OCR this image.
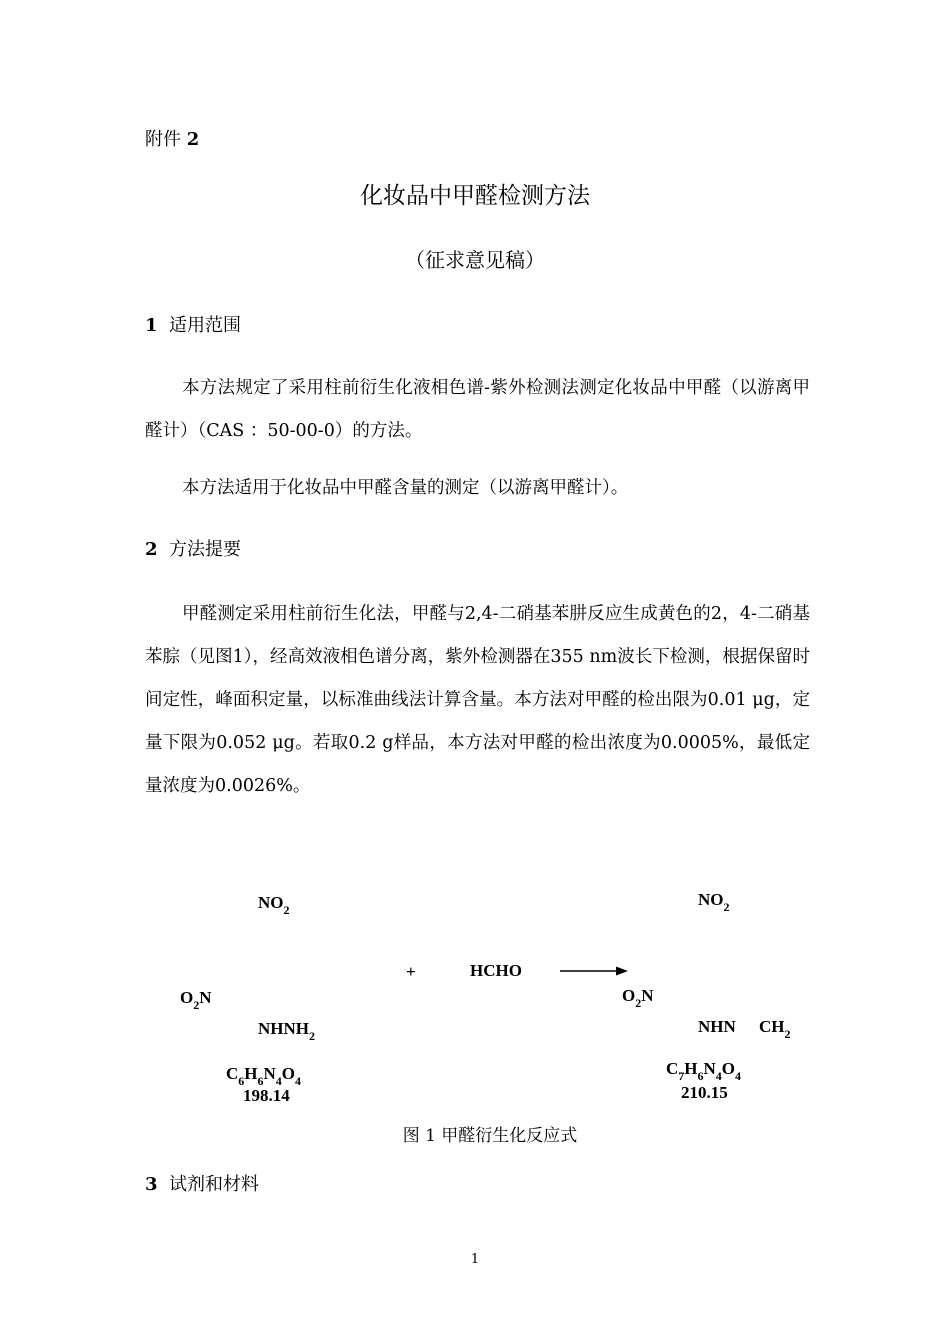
附件 2
化妆品中甲醛检测方法
（征求意见稿）
1 适用范围
本方法规定了采用柱前衍生化液相色谱-紫外检测法测定化妆品中甲醛（以游离甲醛计）（CAS ：50-00-0）的方法。
本方法适用于化妆品中甲醛含量的测定（以游离甲醛计）。
2 方法提要
甲醛测定采用柱前衍生化法，甲醛与2,4-二硝基苯肼反应生成黄色的2，4-二硝基苯腙（见图1），经高效液相色谱分离，紫外检测器在355 nm波长下检测，根据保留时间定性，峰面积定量，以标准曲线法计算含量。本方法对甲醛的检出限为0.01 μg，定量下限为0.052 μg。若取0.2 g样品，本方法对甲醛的检出浓度为0.0005%，最低定量浓度为0.0026%。
$NO_2$
$O_2N$
$NHNH_2$
$C_6H_6N_4O_4$
198.14
+	HCHO
$NO_2$
$O_2N$
NHN $CH_2$
$C_7H_6N_4O_4$
210.15
图 1 甲醛衍生化反应式
3 试剂和材料
1
